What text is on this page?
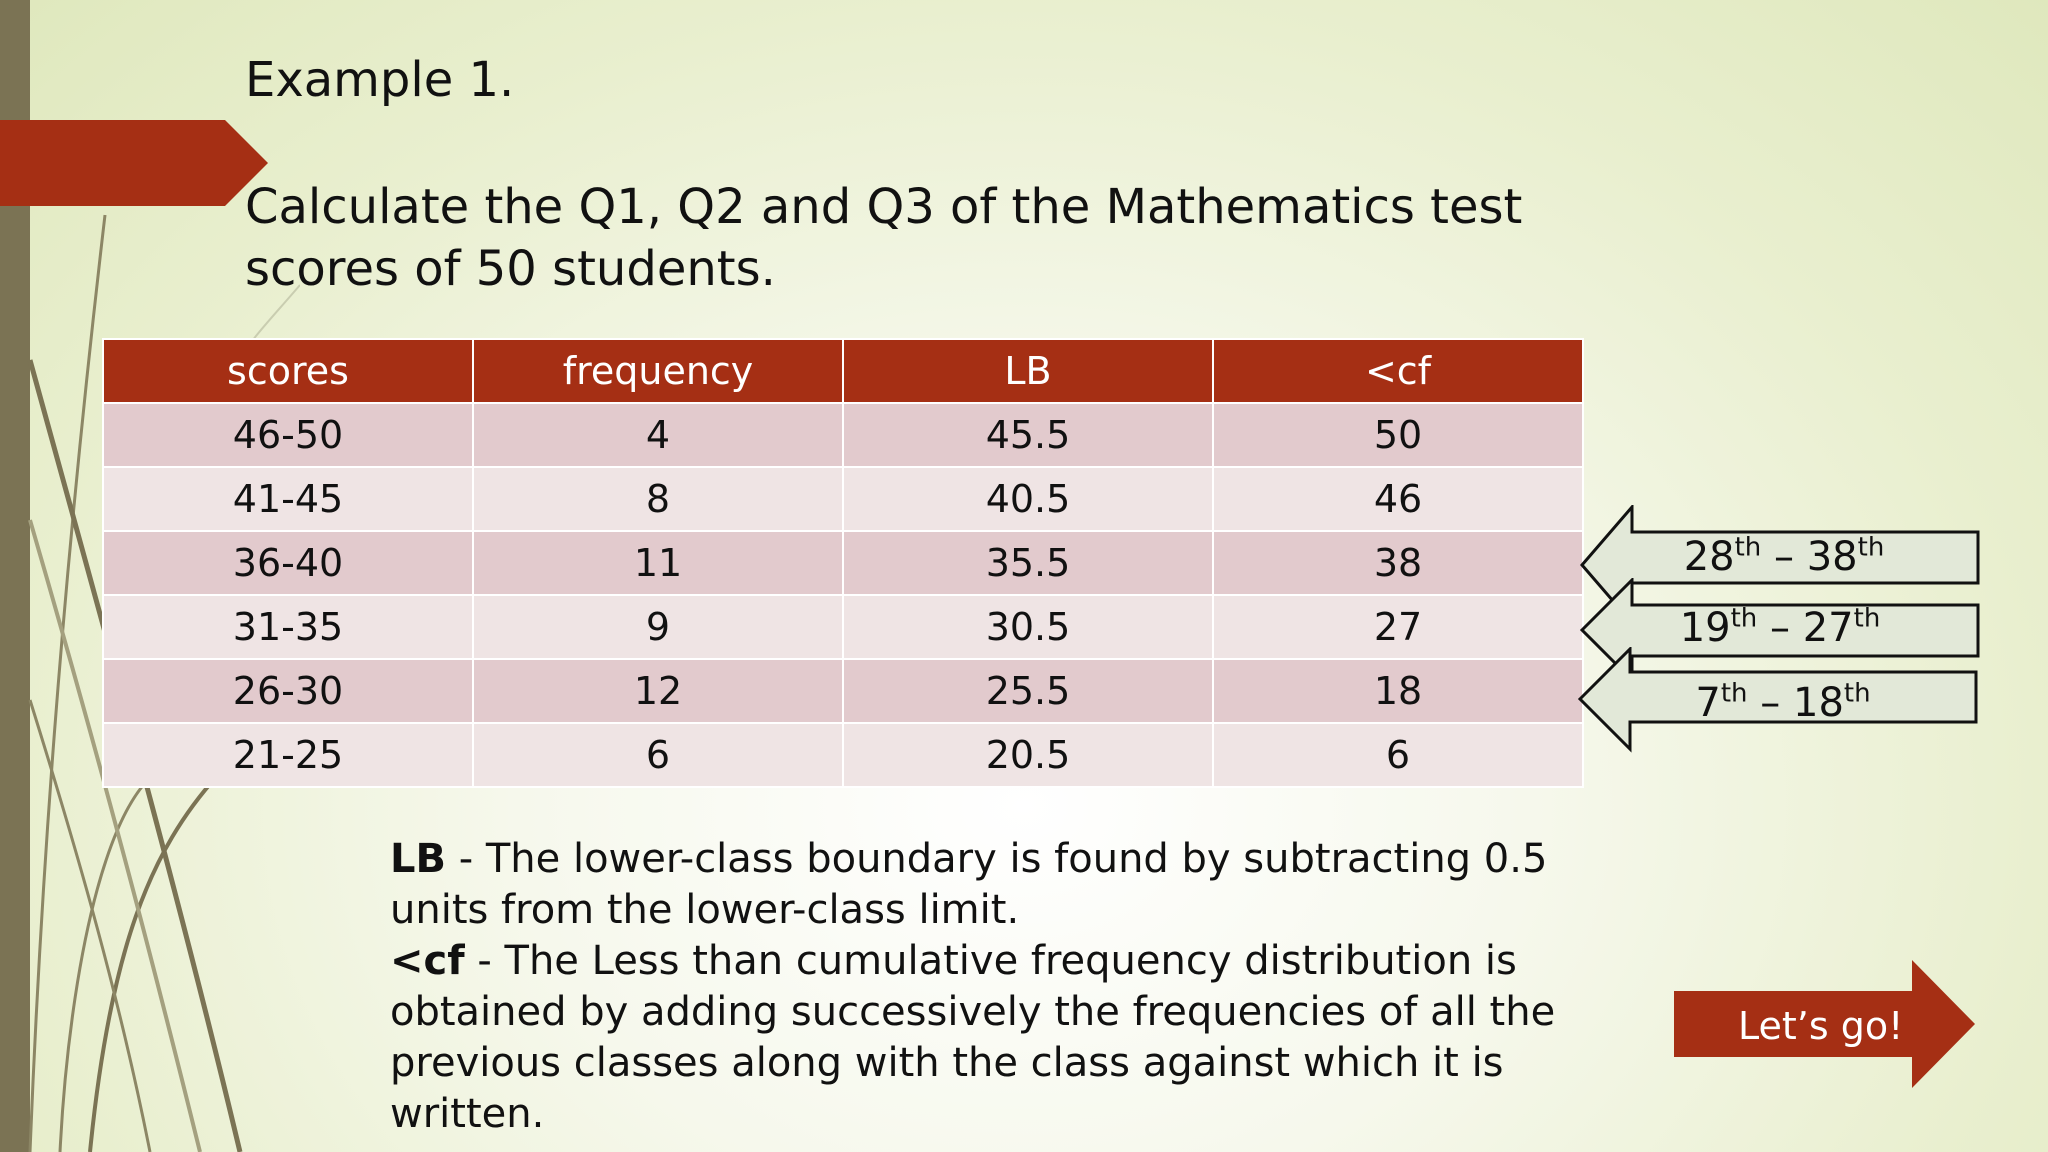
Example 1.
Calculate the Q1, Q2 and Q3 of the Mathematics test scores of 50 students.
scores	frequency	LB	<cf
46-50	4	45.5	50
41-45	8	40.5	46
36-40	11	35.5	38
31-35	9	30.5	27
26-30	12	25.5	18
21-25	6	20.5	6
28th – 38th
19th – 27th
7th – 18th
LB - The lower-class boundary is found by subtracting 0.5 units from the lower-class limit.
<cf - The Less than cumulative frequency distribution is obtained by adding successively the frequencies of all the previous classes along with the class against which it is written.
Let’s go!
